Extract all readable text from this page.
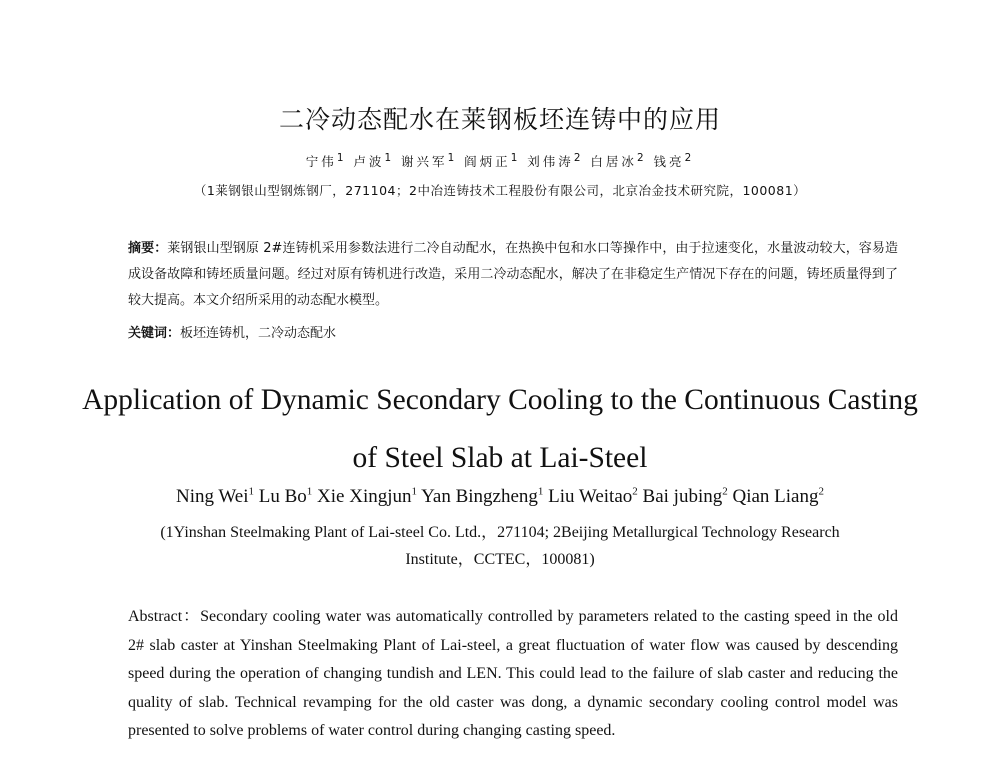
二冷动态配水在莱钢板坯连铸中的应用
宁伟$^1$ 卢波$^1$ 谢兴军$^1$ 阎炳正$^1$ 刘伟涛$^2$ 白居冰$^2$ 钱亮$^2$
（1莱钢银山型钢炼钢厂，271104；2中冶连铸技术工程股份有限公司，北京冶金技术研究院，100081）
摘要：莱钢银山型钢原 2#连铸机采用参数法进行二冷自动配水，在热换中包和水口等操作中，由于拉速变化，水量波动较大，容易造成设备故障和铸坯质量问题。经过对原有铸机进行改造，采用二冷动态配水，解决了在非稳定生产情况下存在的问题，铸坯质量得到了较大提高。本文介绍所采用的动态配水模型。
关键词：板坯连铸机，二冷动态配水
Application of Dynamic Secondary Cooling to the Continuous Casting
of Steel Slab at Lai-Steel
Ning Wei$^1$ Lu Bo$^1$ Xie Xingjun$^1$ Yan Bingzheng$^1$ Liu Weitao$^2$ Bai jubing$^2$ Qian Liang$^2$
(1Yinshan Steelmaking Plant of Lai-steel Co. Ltd.，271104; 2Beijing Metallurgical Technology Research
Institute，CCTEC，100081)
Abstract：Secondary cooling water was automatically controlled by parameters related to the casting speed in the old 2# slab caster at Yinshan Steelmaking Plant of Lai-steel, a great fluctuation of water flow was caused by descending speed during the operation of changing tundish and LEN. This could lead to the failure of slab caster and reducing the quality of slab. Technical revamping for the old caster was dong, a dynamic secondary cooling control model was presented to solve problems of water control during changing casting speed.
